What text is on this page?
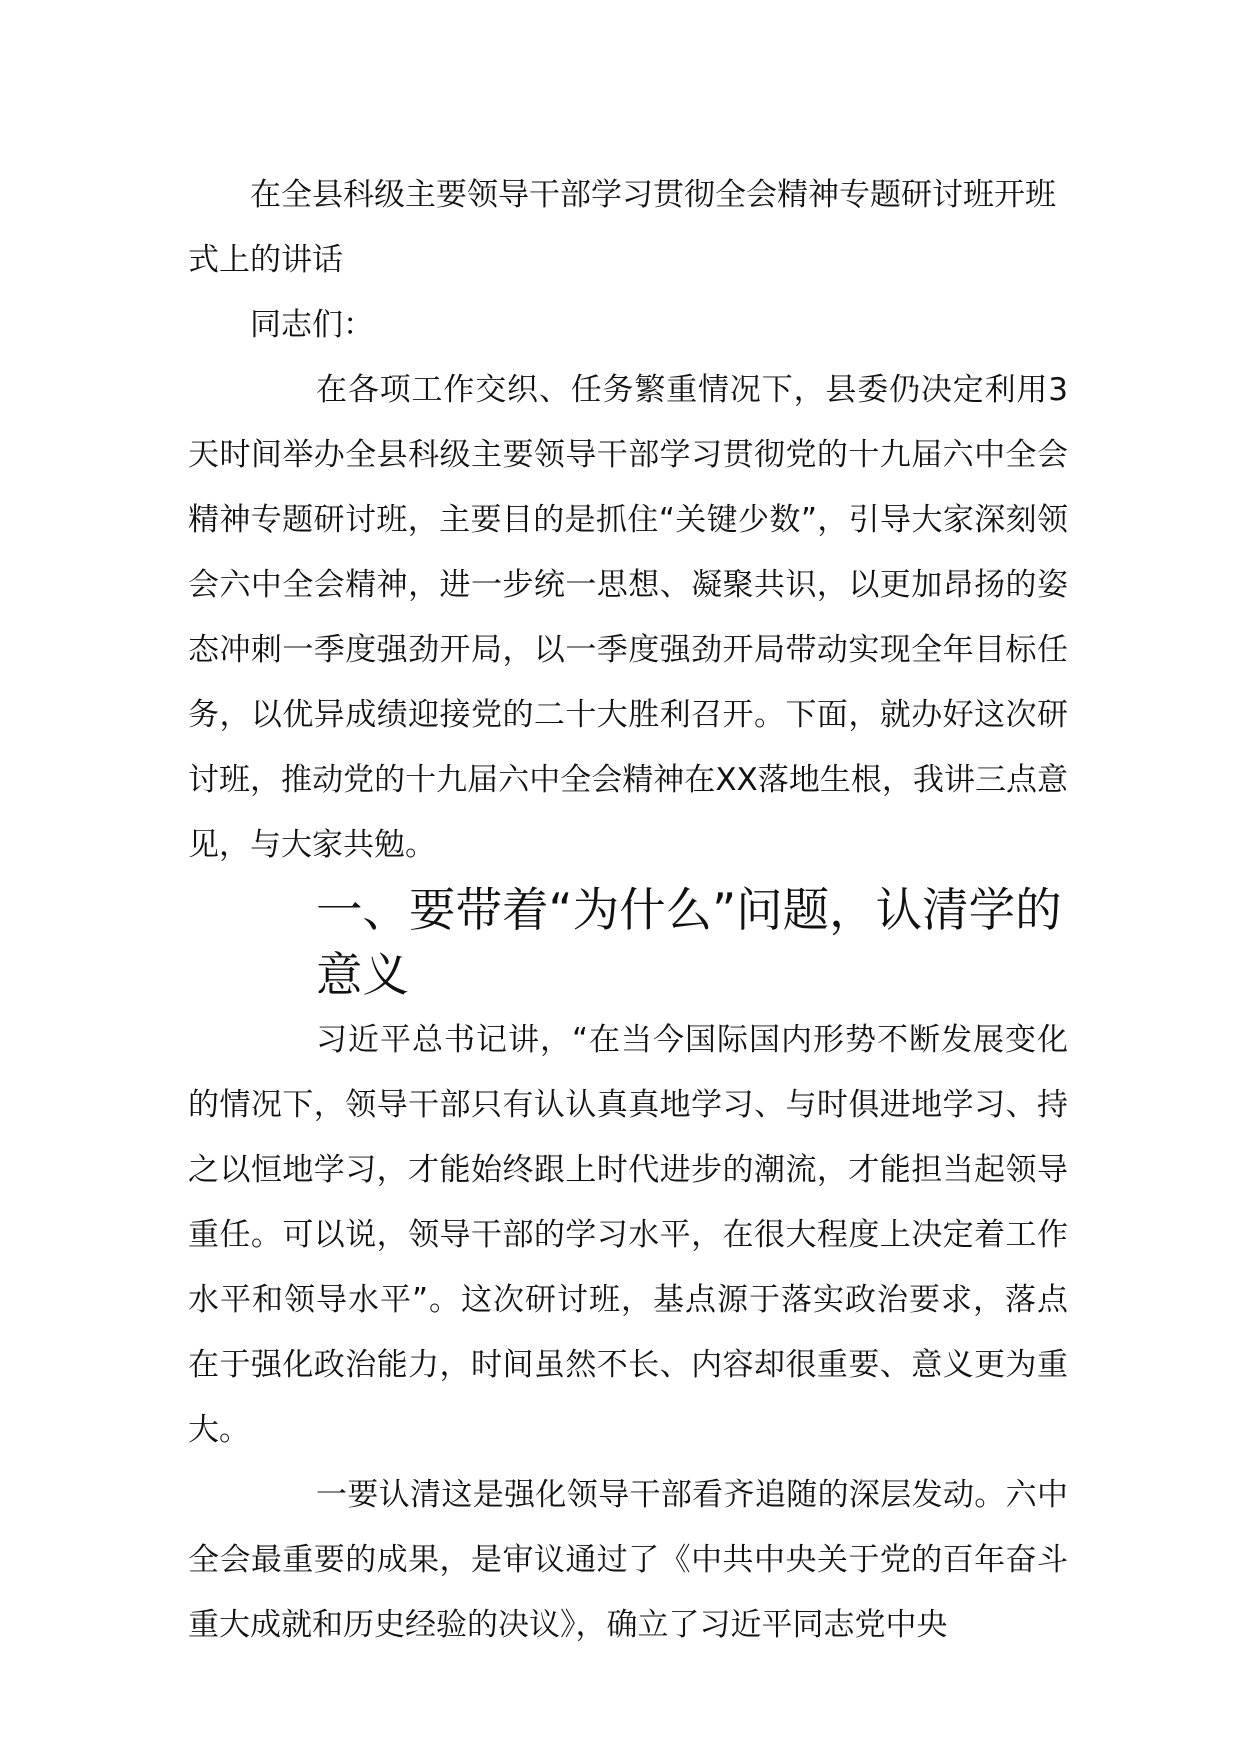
在全县科级主要领导干部学习贯彻全会精神专题研讨班开班式上的讲话

同志们：

在各项工作交织、任务繁重情况下，县委仍决定利用3天时间举办全县科级主要领导干部学习贯彻党的十九届六中全会精神专题研讨班，主要目的是抓住“关键少数”，引导大家深刻领会六中全会精神，进一步统一思想、凝聚共识，以更加昂扬的姿态冲刺一季度强劲开局，以一季度强劲开局带动实现全年目标任务，以优异成绩迎接党的二十大胜利召开。下面，就办好这次研讨班，推动党的十九届六中全会精神在XX落地生根，我讲三点意见，与大家共勉。

一、要带着“为什么”问题，认清学的意义

习近平总书记讲，“在当今国际国内形势不断发展变化的情况下，领导干部只有认认真真地学习、与时俱进地学习、持之以恒地学习，才能始终跟上时代进步的潮流，才能担当起领导重任。可以说，领导干部的学习水平，在很大程度上决定着工作水平和领导水平”。这次研讨班，基点源于落实政治要求，落点在于强化政治能力，时间虽然不长、内容却很重要、意义更为重大。

一要认清这是强化领导干部看齐追随的深层发动。六中全会最重要的成果，是审议通过了《中共中央关于党的百年奋斗重大成就和历史经验的决议》，确立了习近平同志党中央
